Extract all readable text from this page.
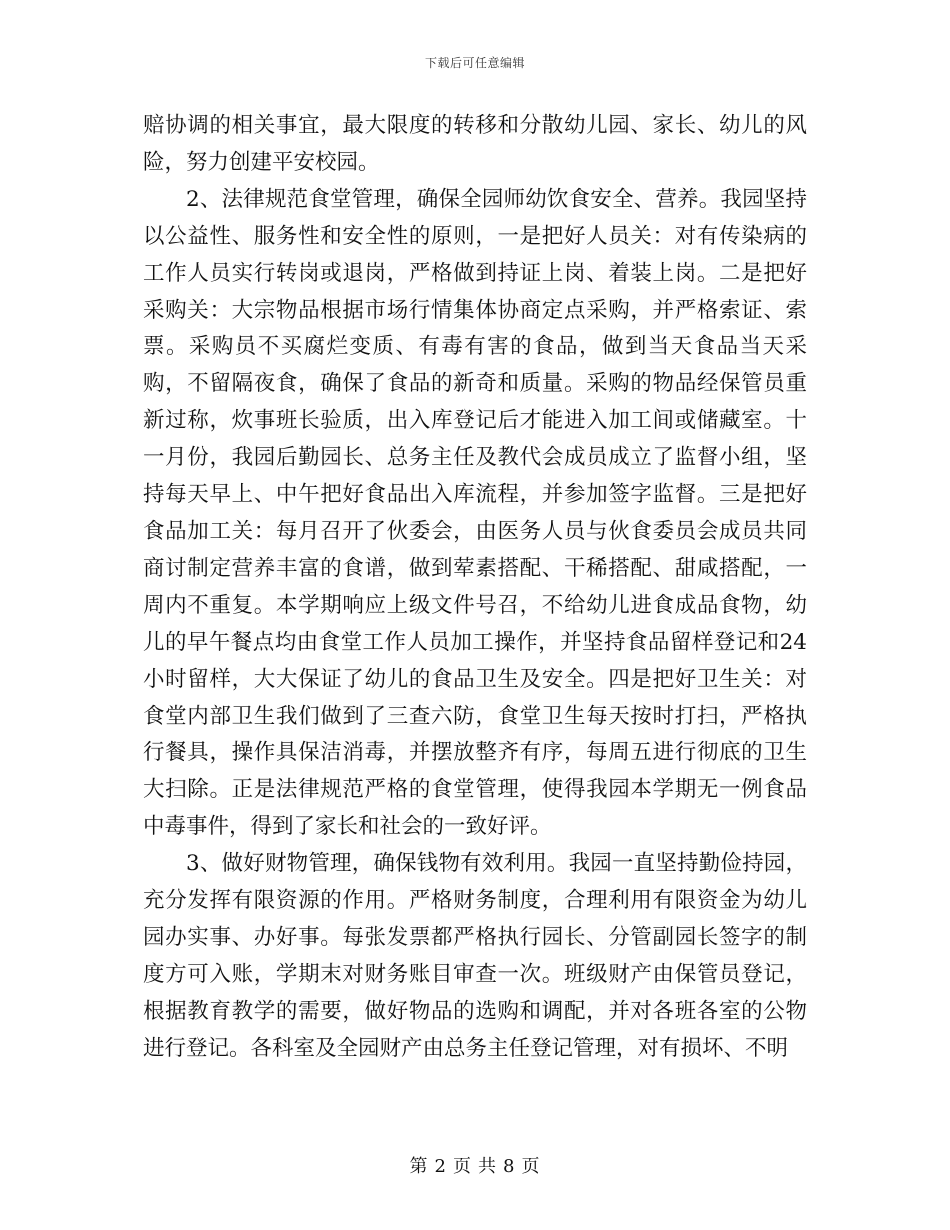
下载后可任意编辑

赔协调的相关事宜，最大限度的转移和分散幼儿园、家长、幼儿的风险，努力创建平安校园。

2、法律规范食堂管理，确保全园师幼饮食安全、营养。我园坚持以公益性、服务性和安全性的原则，一是把好人员关：对有传染病的工作人员实行转岗或退岗，严格做到持证上岗、着装上岗。二是把好采购关：大宗物品根据市场行情集体协商定点采购，并严格索证、索票。采购员不买腐烂变质、有毒有害的食品，做到当天食品当天采购，不留隔夜食，确保了食品的新奇和质量。采购的物品经保管员重新过称，炊事班长验质，出入库登记后才能进入加工间或储藏室。十一月份，我园后勤园长、总务主任及教代会成员成立了监督小组，坚持每天早上、中午把好食品出入库流程，并参加签字监督。三是把好食品加工关：每月召开了伙委会，由医务人员与伙食委员会成员共同商讨制定营养丰富的食谱，做到荤素搭配、干稀搭配、甜咸搭配，一周内不重复。本学期响应上级文件号召，不给幼儿进食成品食物，幼儿的早午餐点均由食堂工作人员加工操作，并坚持食品留样登记和24小时留样，大大保证了幼儿的食品卫生及安全。四是把好卫生关：对食堂内部卫生我们做到了三查六防，食堂卫生每天按时打扫，严格执行餐具，操作具保洁消毒，并摆放整齐有序，每周五进行彻底的卫生大扫除。正是法律规范严格的食堂管理，使得我园本学期无一例食品中毒事件，得到了家长和社会的一致好评。

3、做好财物管理，确保钱物有效利用。我园一直坚持勤俭持园，充分发挥有限资源的作用。严格财务制度，合理利用有限资金为幼儿园办实事、办好事。每张发票都严格执行园长、分管副园长签字的制度方可入账，学期末对财务账目审查一次。班级财产由保管员登记，根据教育教学的需要，做好物品的选购和调配，并对各班各室的公物进行登记。各科室及全园财产由总务主任登记管理，对有损坏、不明

第 2 页 共 8 页
